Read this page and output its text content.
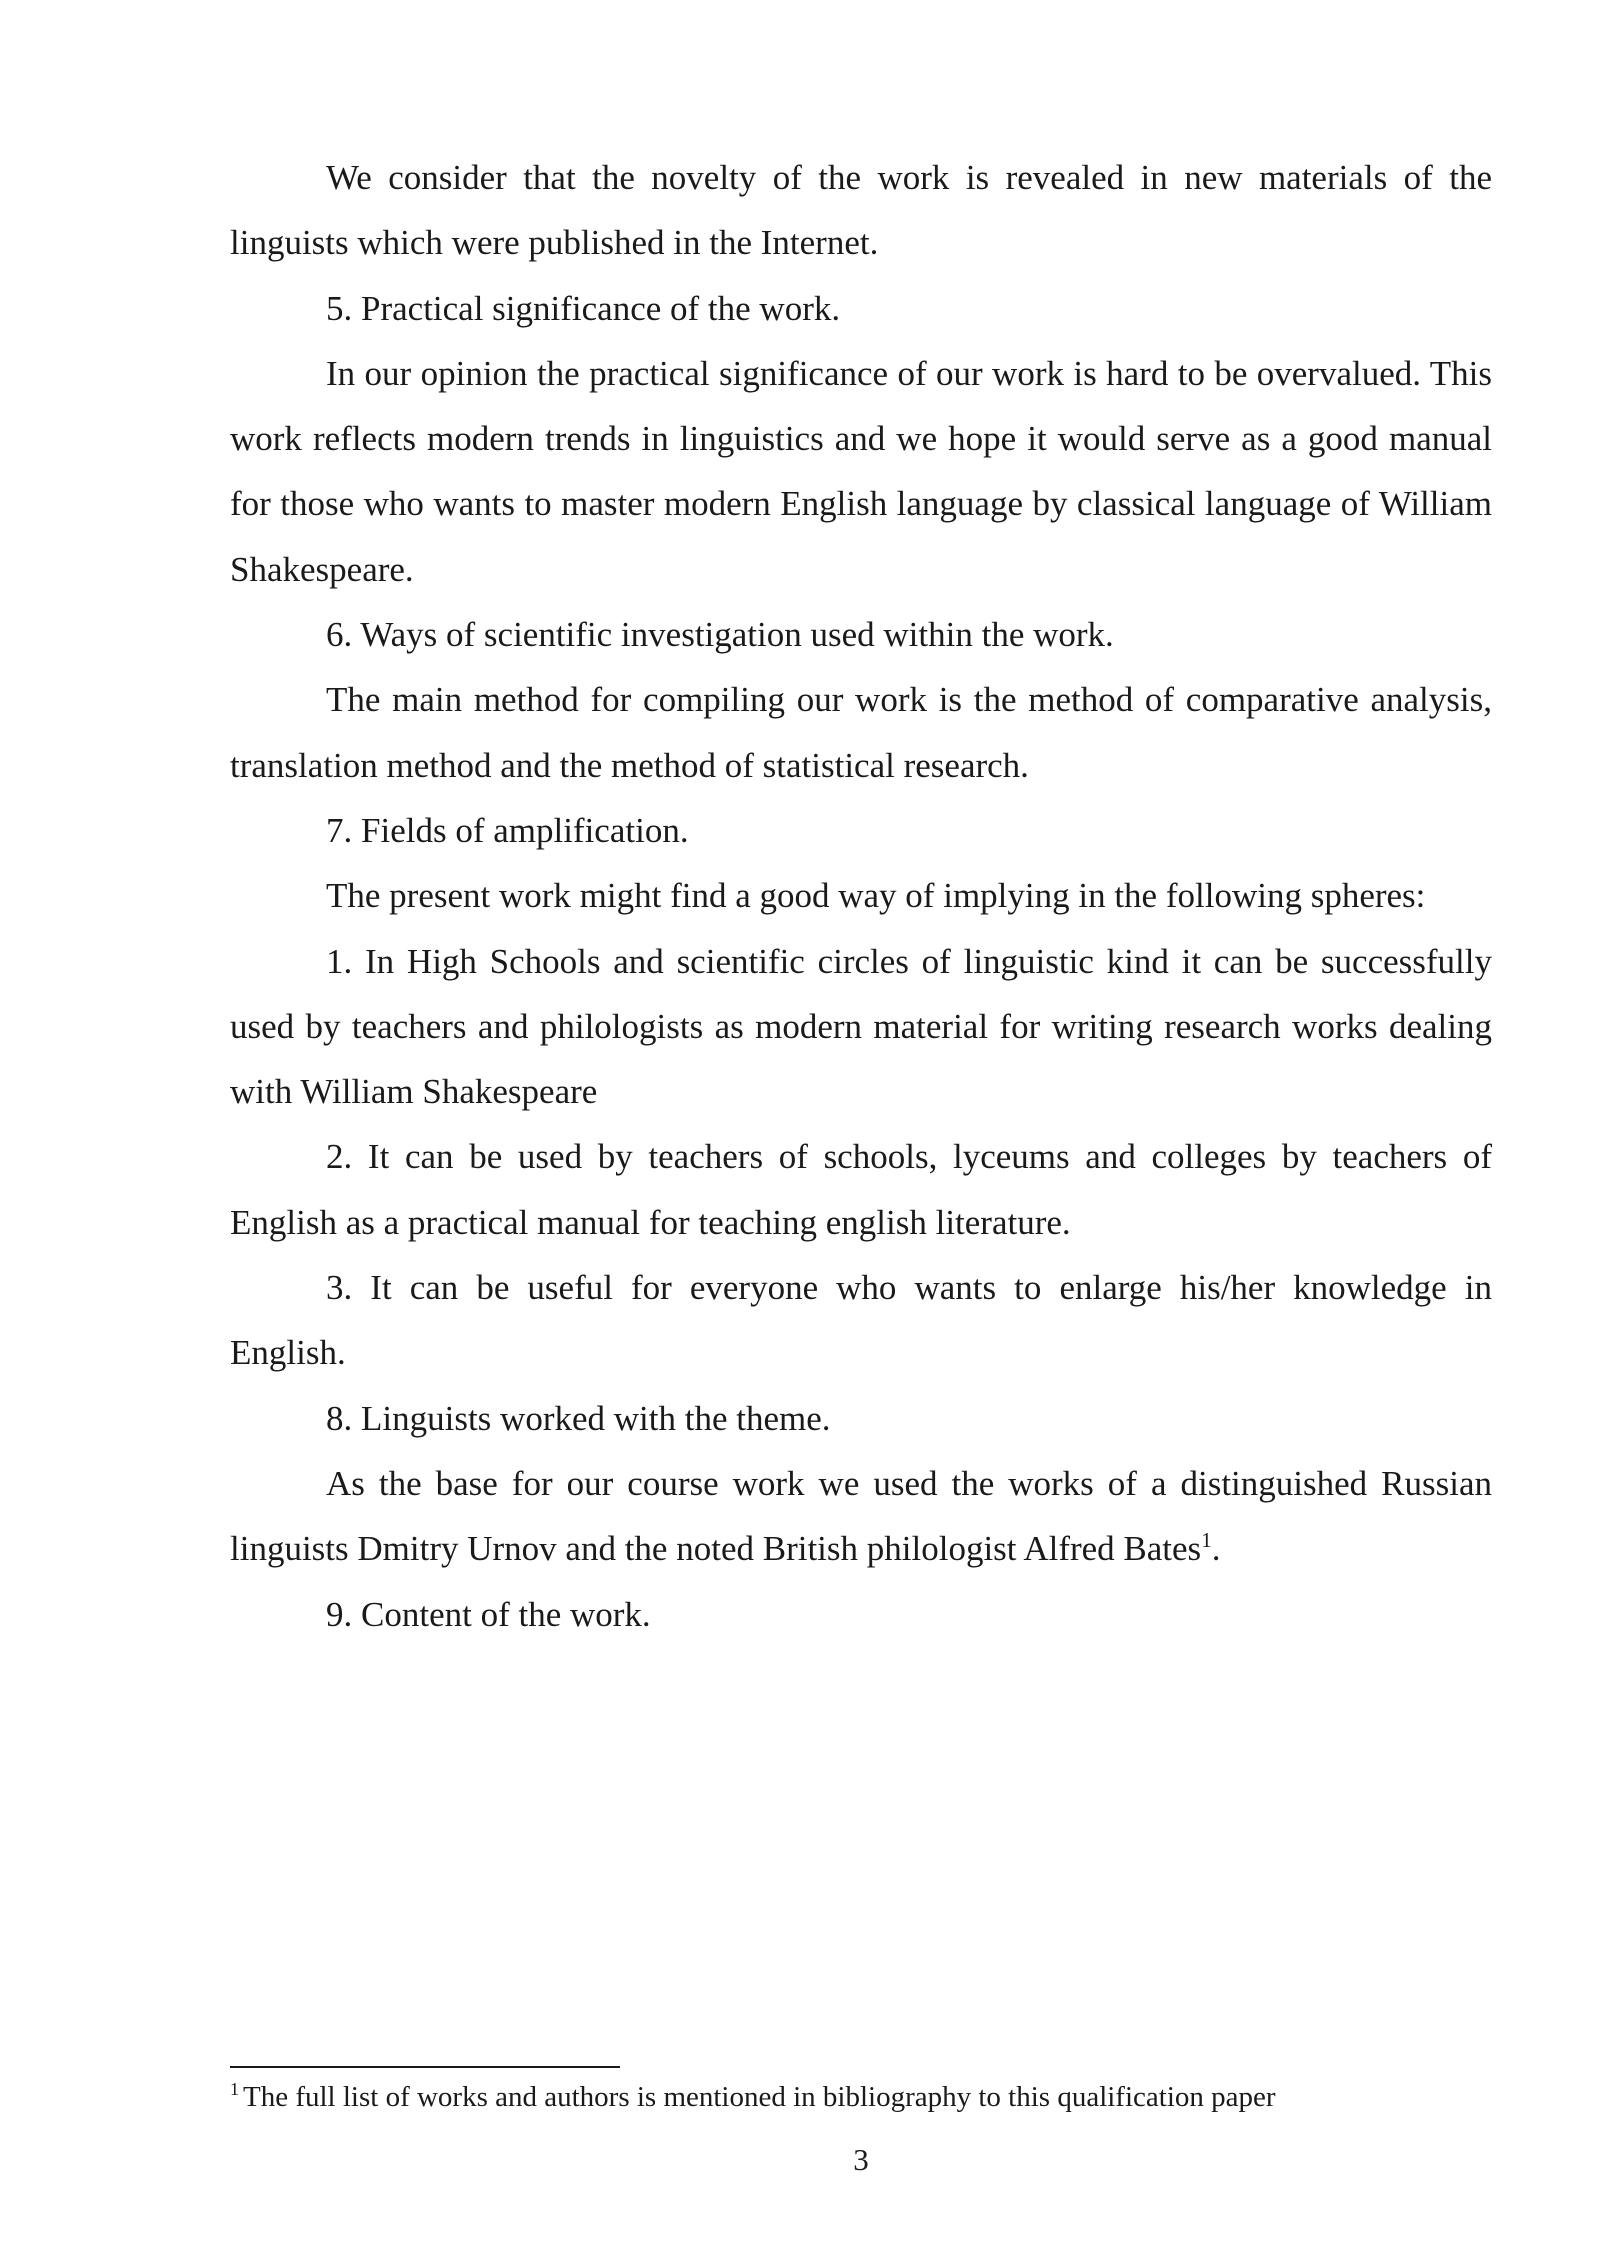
We consider that the novelty of the work is revealed in new materials of the linguists which were published in the Internet.

5. Practical significance of the work.

In our opinion the practical significance of our work is hard to be overvalued. This work reflects modern trends in linguistics and we hope it would serve as a good manual for those who wants to master modern English language by classical language of William Shakespeare.

6. Ways of scientific investigation used within the work.

The main method for compiling our work is the method of comparative analysis, translation method and the method of statistical research.

7. Fields of amplification.

The present work might find a good way of implying in the following spheres:

1. In High Schools and scientific circles of linguistic kind it can be successfully used by teachers and philologists as modern material for writing research works dealing with William Shakespeare

2. It can be used by teachers of schools, lyceums and colleges by teachers of English as a practical manual for teaching english literature.

3. It can be useful for everyone who wants to enlarge his/her knowledge in English.

8. Linguists worked with the theme.

As the base for our course work we used the works of a distinguished Russian linguists Dmitry Urnov and the noted British philologist Alfred Bates$^1$.

9. Content of the work.

$^1$ The full list of works and authors is mentioned in bibliography to this qualification paper
3
